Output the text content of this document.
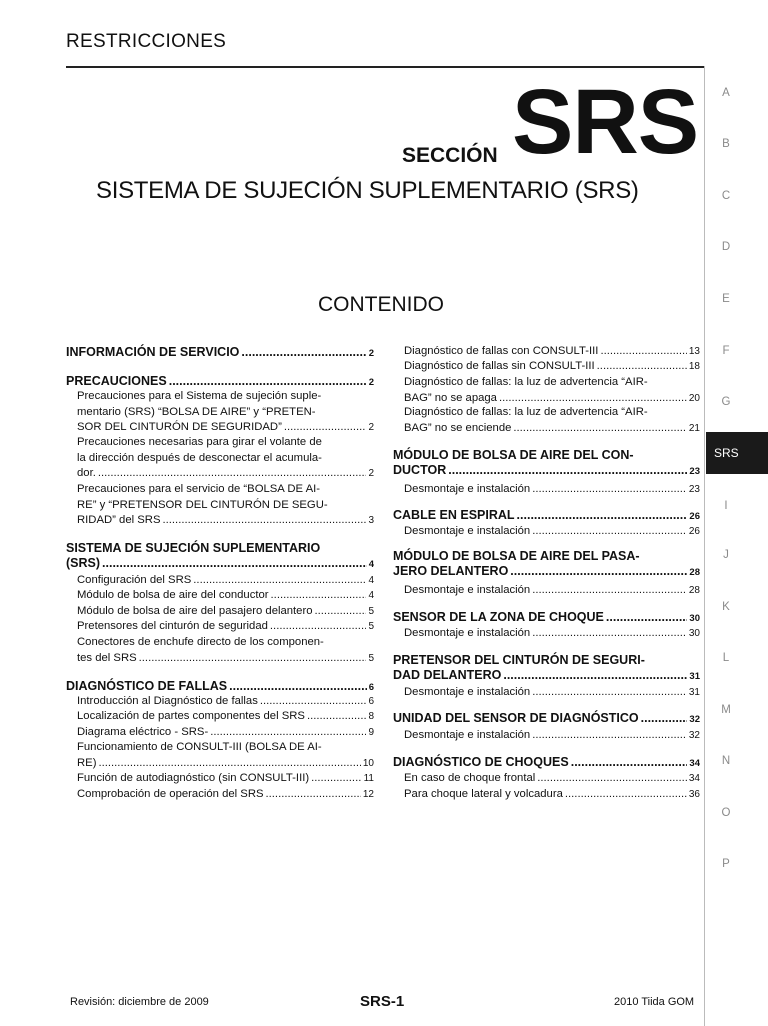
RESTRICCIONES
SECCIÓN SRS
SISTEMA DE SUJECIÓN SUPLEMENTARIO (SRS)
CONTENIDO
INFORMACIÓN DE SERVICIO .....	2
PRECAUCIONES .....	2
Precauciones para el Sistema de sujeción suple-
mentario (SRS) “BOLSA DE AIRE” y “PRETEN-
SOR DEL CINTURÓN DE SEGURIDAD” .....	2
Precauciones necesarias para girar el volante de
la dirección después de desconectar el acumula-
dor. .....	2
Precauciones para el servicio de “BOLSA DE AI-
RE” y “PRETENSOR DEL CINTURÓN DE SEGU-
RIDAD” del SRS .....	3
SISTEMA DE SUJECIÓN SUPLEMENTARIO
(SRS) .....	4
Configuración del SRS .....	4
Módulo de bolsa de aire del conductor .....	4
Módulo de bolsa de aire del pasajero delantero .....	5
Pretensores del cinturón de seguridad .....	5
Conectores de enchufe directo de los componen-
tes del SRS .....	5
DIAGNÓSTICO DE FALLAS .....	6
Introducción al Diagnóstico de fallas .....	6
Localización de partes componentes del SRS .....	8
Diagrama eléctrico - SRS- .....	9
Funcionamiento de CONSULT-III (BOLSA DE AI-
RE) .....	10
Función de autodiagnóstico (sin CONSULT-III) .....	11
Comprobación de operación del SRS .....	12
Diagnóstico de fallas con CONSULT-III .....	13
Diagnóstico de fallas sin CONSULT-III .....	18
Diagnóstico de fallas: la luz de advertencia “AIR-
BAG” no se apaga .....	20
Diagnóstico de fallas: la luz de advertencia “AIR-
BAG” no se enciende .....	21
MÓDULO DE BOLSA DE AIRE DEL CON-
DUCTOR .....	23
Desmontaje e instalación .....	23
CABLE EN ESPIRAL .....	26
Desmontaje e instalación .....	26
MÓDULO DE BOLSA DE AIRE DEL PASA-
JERO DELANTERO .....	28
Desmontaje e instalación .....	28
SENSOR DE LA ZONA DE CHOQUE .....	30
Desmontaje e instalación .....	30
PRETENSOR DEL CINTURÓN DE SEGURI-
DAD DELANTERO .....	31
Desmontaje e instalación .....	31
UNIDAD DEL SENSOR DE DIAGNÓSTICO .....	32
Desmontaje e instalación .....	32
DIAGNÓSTICO DE CHOQUES .....	34
En caso de choque frontal .....	34
Para choque lateral y volcadura .....	36
A
B
C
D
E
F
G
I
J
K
L
M
N
O
P
SRS
Revisión: diciembre de 2009	SRS-1	2010 Tiida GOM
